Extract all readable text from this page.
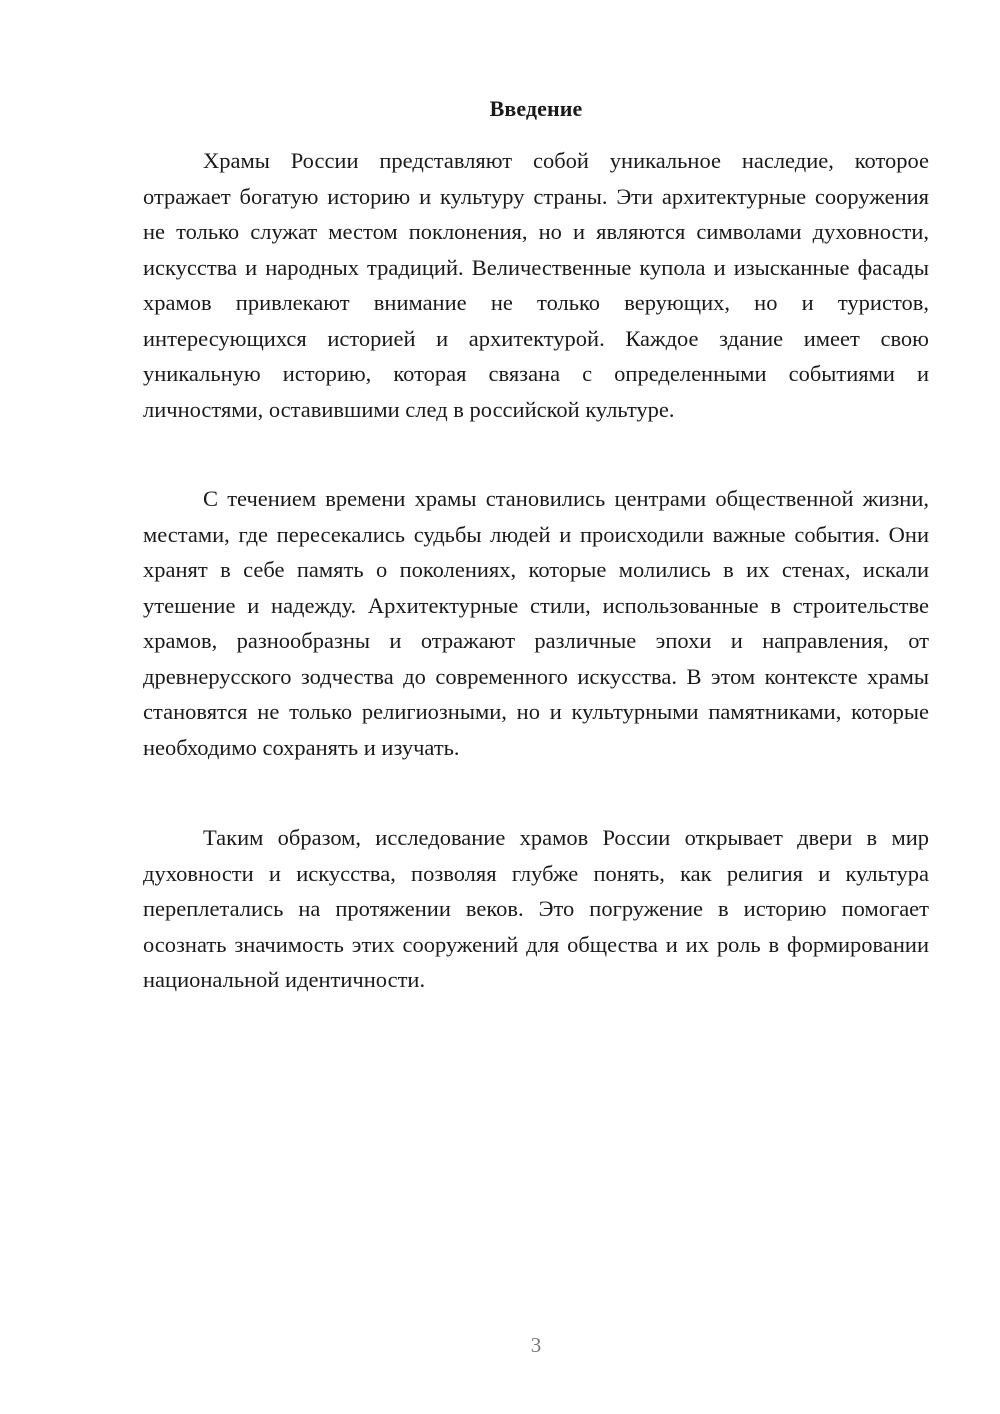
Введение

Храмы России представляют собой уникальное наследие, которое отражает богатую историю и культуру страны. Эти архитектурные сооружения не только служат местом поклонения, но и являются символами духовности, искусства и народных традиций. Величественные купола и изысканные фасады храмов привлекают внимание не только верующих, но и туристов, интересующихся историей и архитектурой. Каждое здание имеет свою уникальную историю, которая связана с определенными событиями и личностями, оставившими след в российской культуре.

С течением времени храмы становились центрами общественной жизни, местами, где пересекались судьбы людей и происходили важные события. Они хранят в себе память о поколениях, которые молились в их стенах, искали утешение и надежду. Архитектурные стили, использованные в строительстве храмов, разнообразны и отражают различные эпохи и направления, от древнерусского зодчества до современного искусства. В этом контексте храмы становятся не только религиозными, но и культурными памятниками, которые необходимо сохранять и изучать.

Таким образом, исследование храмов России открывает двери в мир духовности и искусства, позволяя глубже понять, как религия и культура переплетались на протяжении веков. Это погружение в историю помогает осознать значимость этих сооружений для общества и их роль в формировании национальной идентичности.

3
